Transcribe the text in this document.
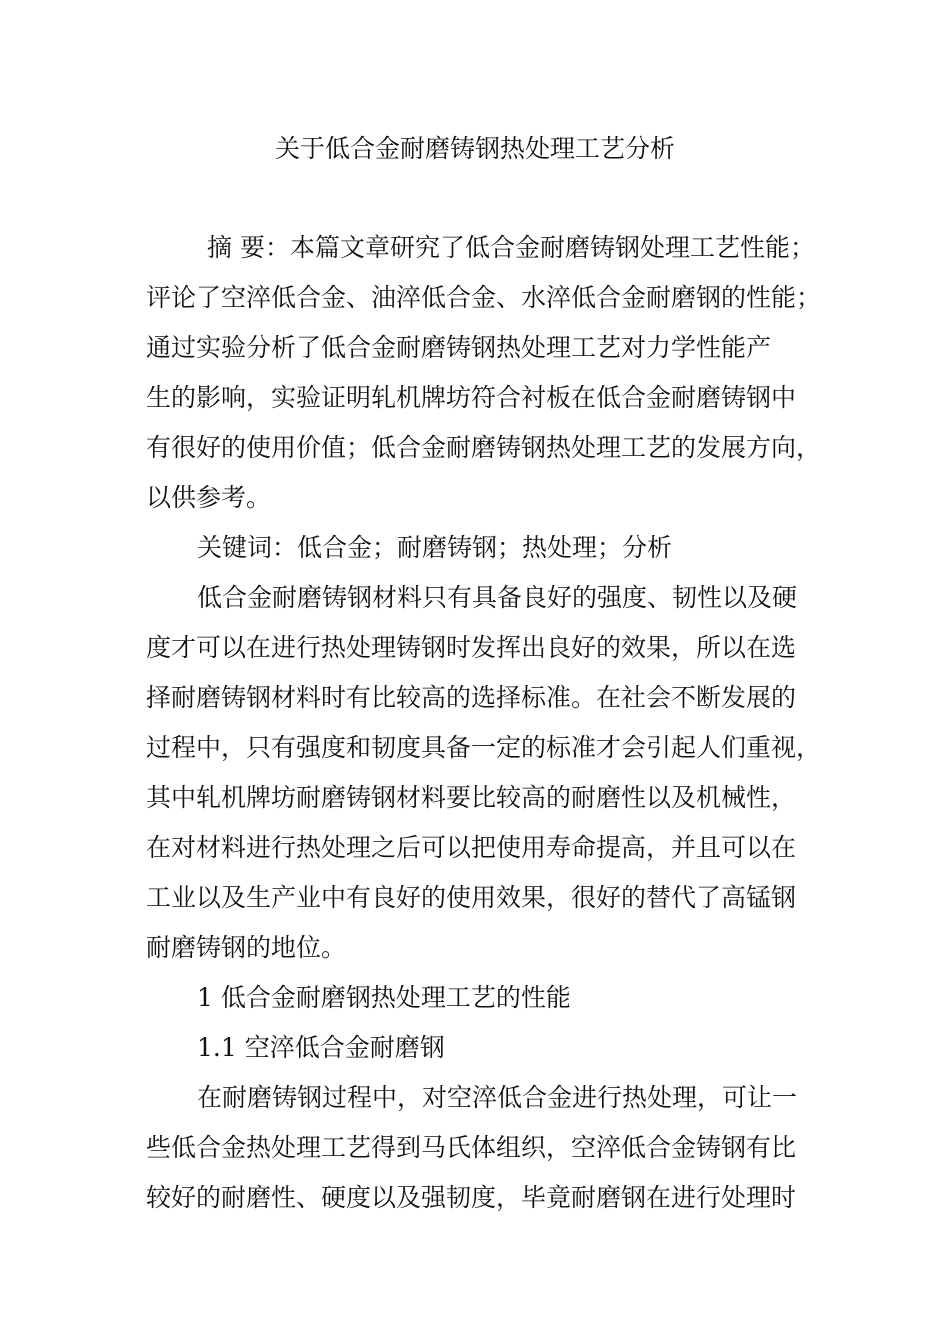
关于低合金耐磨铸钢热处理工艺分析
摘 要：本篇文章研究了低合金耐磨铸钢处理工艺性能；
评论了空淬低合金、油淬低合金、水淬低合金耐磨钢的性能；
通过实验分析了低合金耐磨铸钢热处理工艺对力学性能产
生的影响，实验证明轧机牌坊符合衬板在低合金耐磨铸钢中
有很好的使用价值；低合金耐磨铸钢热处理工艺的发展方向，
以供参考。
关键词：低合金；耐磨铸钢；热处理；分析
低合金耐磨铸钢材料只有具备良好的强度、韧性以及硬
度才可以在进行热处理铸钢时发挥出良好的效果，所以在选
择耐磨铸钢材料时有比较高的选择标准。在社会不断发展的
过程中，只有强度和韧度具备一定的标准才会引起人们重视，
其中轧机牌坊耐磨铸钢材料要比较高的耐磨性以及机械性，
在对材料进行热处理之后可以把使用寿命提高，并且可以在
工业以及生产业中有良好的使用效果，很好的替代了高锰钢
耐磨铸钢的地位。
1 低合金耐磨钢热处理工艺的性能
1.1 空淬低合金耐磨钢
在耐磨铸钢过程中，对空淬低合金进行热处理，可让一
些低合金热处理工艺得到马氏体组织，空淬低合金铸钢有比
较好的耐磨性、硬度以及强韧度，毕竟耐磨钢在进行处理时
